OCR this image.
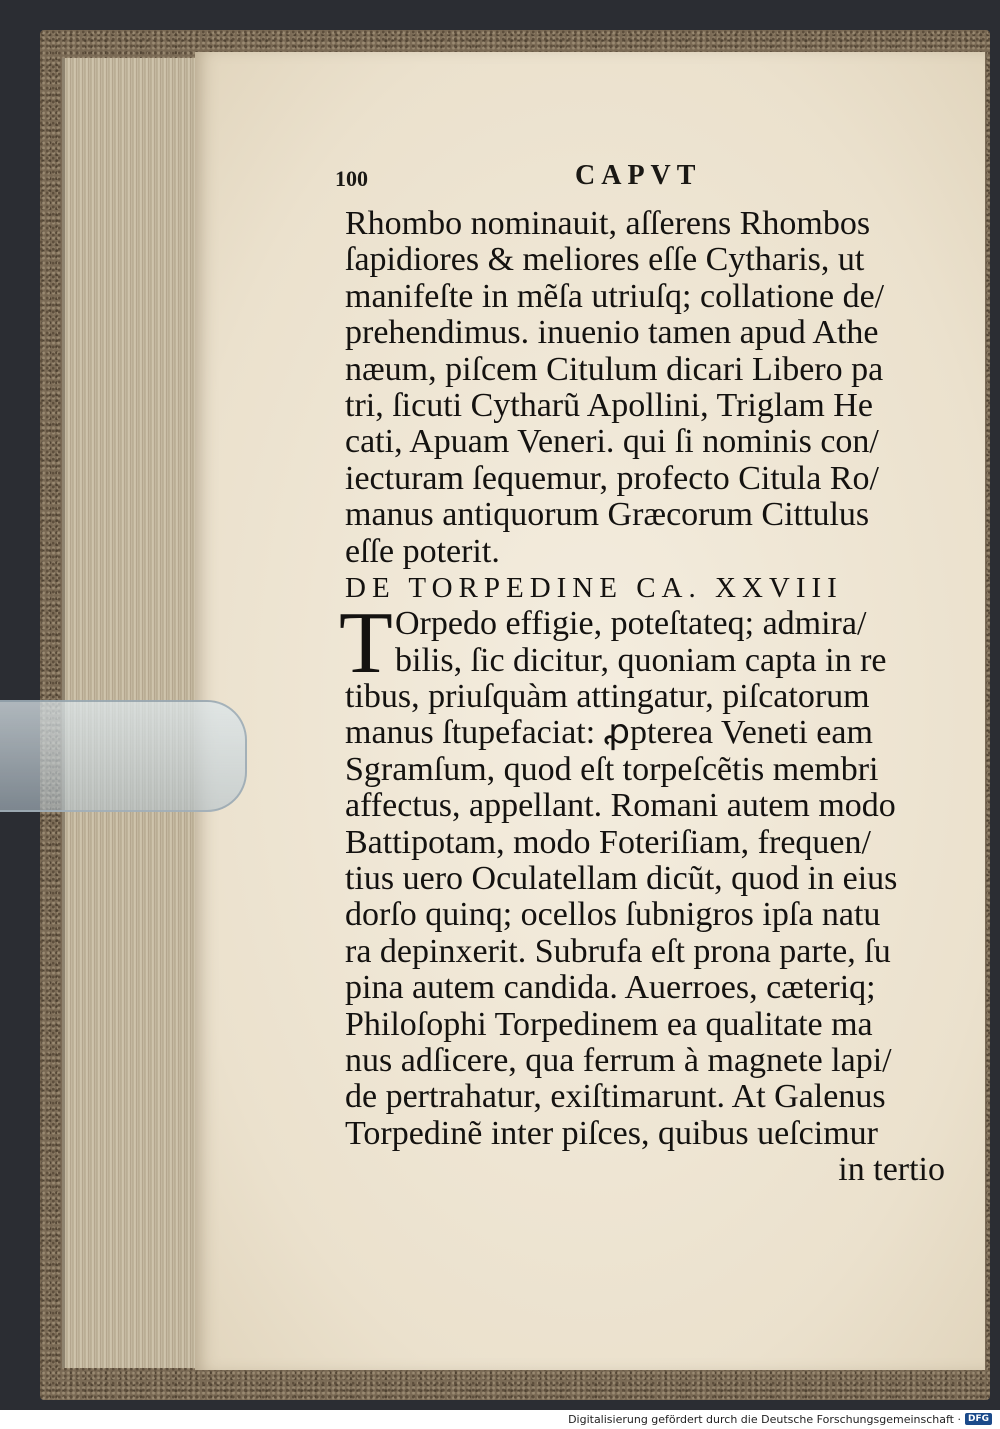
100	CAPVT
Rhombo nominauit, aſſerens Rhombos
ſapidiores & meliores eſſe Cytharis, ut
manifeſte in mẽſa utriuſq; collatione de/
prehendimus. inuenio tamen apud Athe
næum, piſcem Citulum dicari Libero pa
tri, ſicuti Cytharũ Apollini, Triglam He
cati, Apuam Veneri. qui ſi nominis con/
iecturam ſequemur, profecto Citula Ro/
manus antiquorum Græcorum Cittulus
eſſe poterit.
DE TORPEDINE CA. XXVIII
T Orpedo effigie, poteſtateq; admira/
bilis, ſic dicitur, quoniam capta in re
tibus, priuſquàm attingatur, piſcatorum
manus ſtupefaciat: ꝓpterea Veneti eam
Sgramſum, quod eſt torpeſcẽtis membri
affectus, appellant. Romani autem modo
Battipotam, modo Foteriſiam, frequen/
tius uero Oculatellam dicũt, quod in eius
dorſo quinq; ocellos ſubnigros ipſa natu
ra depinxerit. Subrufa eſt prona parte, ſu
pina autem candida. Auerroes, cæteriq;
Philoſophi Torpedinem ea qualitate ma
nus adſicere, qua ferrum à magnete lapi/
de pertrahatur, exiſtimarunt. At Galenus
Torpedinẽ inter piſces, quibus ueſcimur
in tertio
Digitalisierung gefördert durch die Deutsche Forschungsgemeinschaft · DFG
